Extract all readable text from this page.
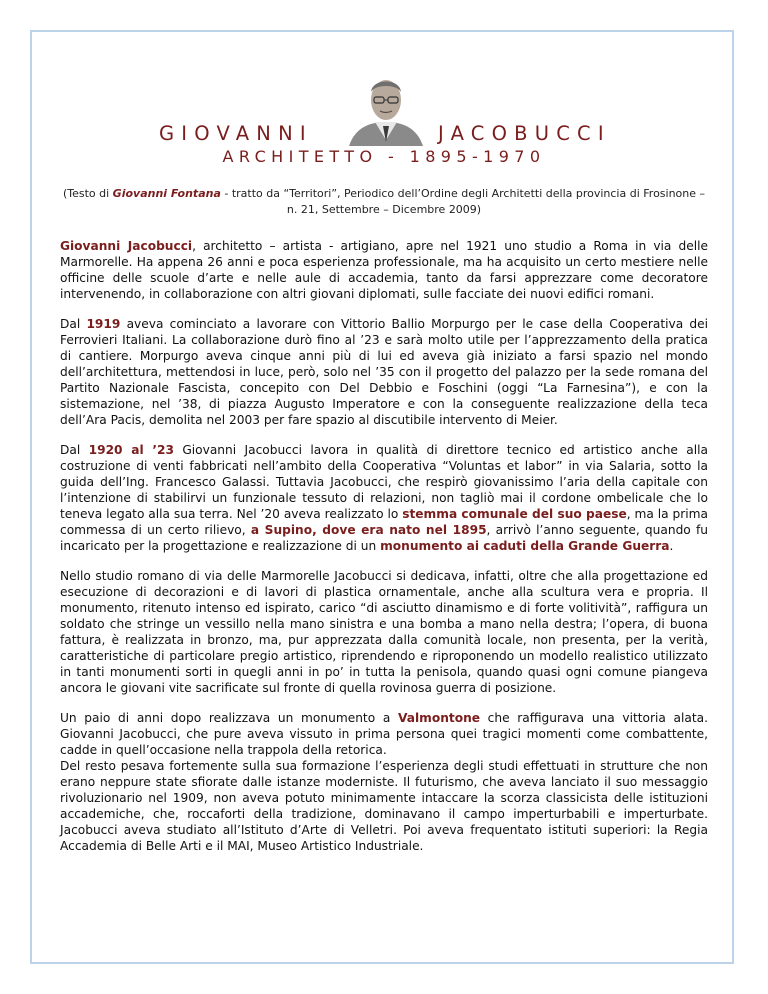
GIOVANNI	JACOBUCCI
ARCHITETTO - 1895-1970
(Testo di Giovanni Fontana - tratto da “Territori”, Periodico dell’Ordine degli Architetti della provincia di Frosinone – n. 21, Settembre – Dicembre 2009)

Giovanni Jacobucci, architetto – artista - artigiano, apre nel 1921 uno studio a Roma in via delle Marmorelle. Ha appena 26 anni e poca esperienza professionale, ma ha acquisito un certo mestiere nelle officine delle scuole d’arte e nelle aule di accademia, tanto da farsi apprezzare come decoratore intervenendo, in collaborazione con altri giovani diplomati, sulle facciate dei nuovi edifici romani.

Dal 1919 aveva cominciato a lavorare con Vittorio Ballio Morpurgo per le case della Cooperativa dei Ferrovieri Italiani. La collaborazione durò fino al ’23 e sarà molto utile per l’apprezzamento della pratica di cantiere. Morpurgo aveva cinque anni più di lui ed aveva già iniziato a farsi spazio nel mondo dell’architettura, mettendosi in luce, però, solo nel ’35 con il progetto del palazzo per la sede romana del Partito Nazionale Fascista, concepito con Del Debbio e Foschini (oggi “La Farnesina”), e con la sistemazione, nel ’38, di piazza Augusto Imperatore e con la conseguente realizzazione della teca dell’Ara Pacis, demolita nel 2003 per fare spazio al discutibile intervento di Meier.

Dal 1920 al ’23 Giovanni Jacobucci lavora in qualità di direttore tecnico ed artistico anche alla costruzione di venti fabbricati nell’ambito della Cooperativa “Voluntas et labor” in via Salaria, sotto la guida dell’Ing. Francesco Galassi. Tuttavia Jacobucci, che respirò giovanissimo l’aria della capitale con l’intenzione di stabilirvi un funzionale tessuto di relazioni, non tagliò mai il cordone ombelicale che lo teneva legato alla sua terra. Nel ’20 aveva realizzato lo stemma comunale del suo paese, ma la prima commessa di un certo rilievo, a Supino, dove era nato nel 1895, arrivò l’anno seguente, quando fu incaricato per la progettazione e realizzazione di un monumento ai caduti della Grande Guerra.

Nello studio romano di via delle Marmorelle Jacobucci si dedicava, infatti, oltre che alla progettazione ed esecuzione di decorazioni e di lavori di plastica ornamentale, anche alla scultura vera e propria. Il monumento, ritenuto intenso ed ispirato, carico “di asciutto dinamismo e di forte volitività”, raffigura un soldato che stringe un vessillo nella mano sinistra e una bomba a mano nella destra; l’opera, di buona fattura, è realizzata in bronzo, ma, pur apprezzata dalla comunità locale, non presenta, per la verità, caratteristiche di particolare pregio artistico, riprendendo e riproponendo un modello realistico utilizzato in tanti monumenti sorti in quegli anni in po’ in tutta la penisola, quando quasi ogni comune piangeva ancora le giovani vite sacrificate sul fronte di quella rovinosa guerra di posizione.

Un paio di anni dopo realizzava un monumento a Valmontone che raffigurava una vittoria alata. Giovanni Jacobucci, che pure aveva vissuto in prima persona quei tragici momenti come combattente, cadde in quell’occasione nella trappola della retorica.

Del resto pesava fortemente sulla sua formazione l’esperienza degli studi effettuati in strutture che non erano neppure state sfiorate dalle istanze moderniste. Il futurismo, che aveva lanciato il suo messaggio rivoluzionario nel 1909, non aveva potuto minimamente intaccare la scorza classicista delle istituzioni accademiche, che, roccaforti della tradizione, dominavano il campo imperturbabili e imperturbate. Jacobucci aveva studiato all’Istituto d’Arte di Velletri. Poi aveva frequentato istituti superiori: la Regia Accademia di Belle Arti e il MAI, Museo Artistico Industriale.
